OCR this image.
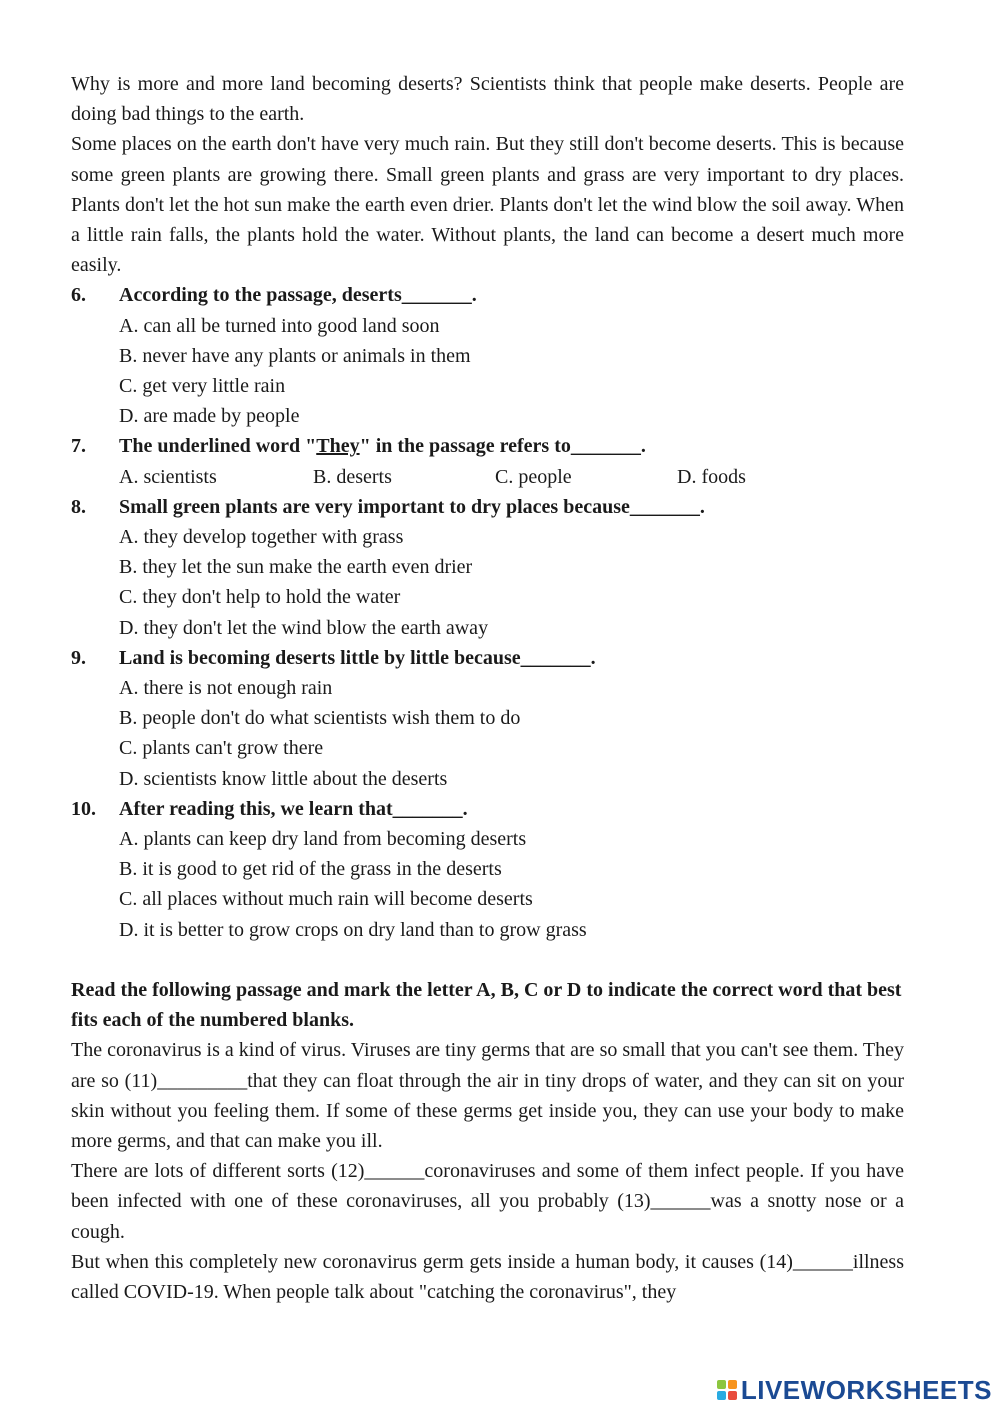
Why is more and more land becoming deserts? Scientists think that people make deserts. People are doing bad things to the earth.

Some places on the earth don't have very much rain. But they still don't become deserts. This is because some green plants are growing there. Small green plants and grass are very important to dry places. Plants don't let the hot sun make the earth even drier. Plants don't let the wind blow the soil away. When a little rain falls, the plants hold the water. Without plants, the land can become a desert much more easily.

6.	According to the passage, deserts_______.

A. can all be turned into good land soon

B. never have any plants or animals in them

C. get very little rain

D. are made by people

7.	The underlined word "They" in the passage refers to_______.
A. scientists	B. deserts	C. people	D. foods
8.	Small green plants are very important to dry places because_______.

A. they develop together with grass

B. they let the sun make the earth even drier

C. they don't help to hold the water

D. they don't let the wind blow the earth away

9.	Land is becoming deserts little by little because_______.

A. there is not enough rain

B. people don't do what scientists wish them to do

C. plants can't grow there

D. scientists know little about the deserts

10.	After reading this, we learn that_______.

A. plants can keep dry land from becoming deserts

B. it is good to get rid of the grass in the deserts

C. all places without much rain will become deserts

D. it is better to grow crops on dry land than to grow grass

Read the following passage and mark the letter A, B, C or D to indicate the correct word that best fits each of the numbered blanks.

The coronavirus is a kind of virus. Viruses are tiny germs that are so small that you can't see them. They are so (11)_________that they can float through the air in tiny drops of water, and they can sit on your skin without you feeling them. If some of these germs get inside you, they can use your body to make more germs, and that can make you ill.

There are lots of different sorts (12)______coronaviruses and some of them infect people. If you have been infected with one of these coronaviruses, all you probably (13)______was a snotty nose or a cough.

But when this completely new coronavirus germ gets inside a human body, it causes (14)______illness called COVID-19. When people talk about "catching the coronavirus", they

LIVEWORKSHEETS
